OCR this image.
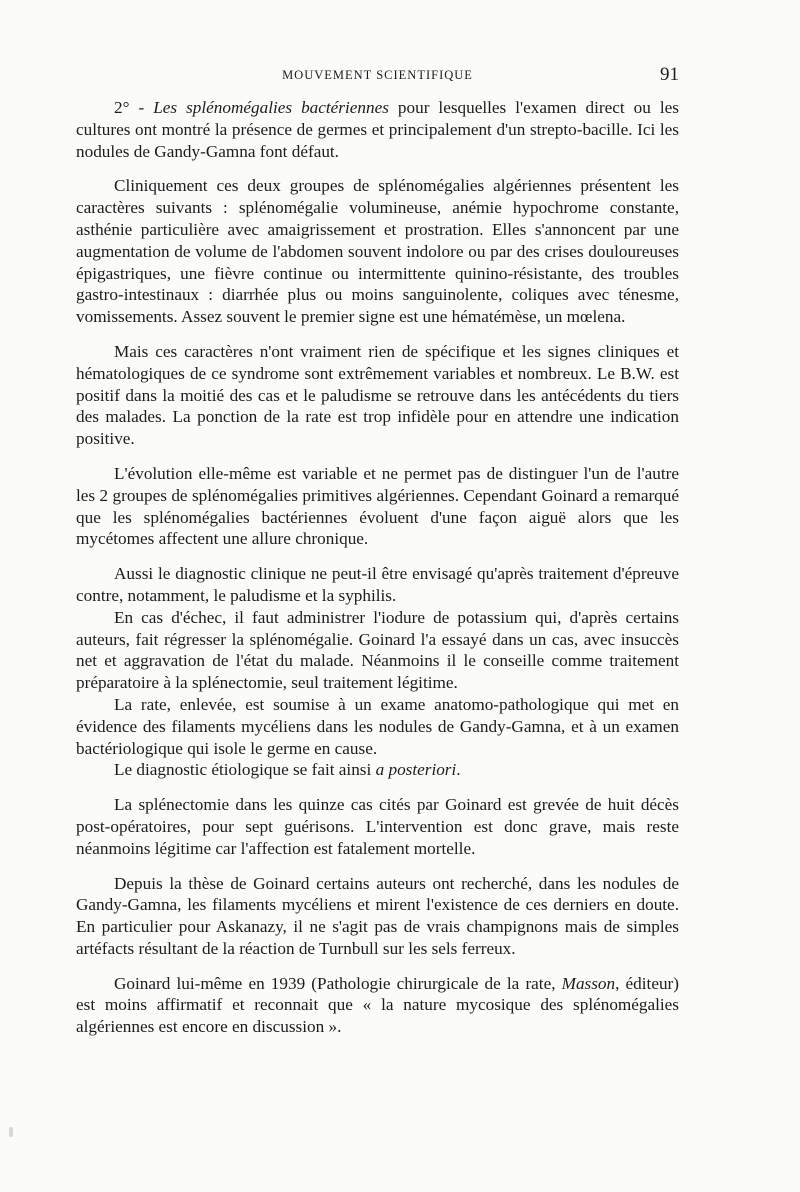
MOUVEMENT SCIENTIFIQUE	91

2° - Les splénomégalies bactériennes pour lesquelles l'examen direct ou les cultures ont montré la présence de germes et principalement d'un strepto-bacille. Ici les nodules de Gandy-Gamna font défaut.

Cliniquement ces deux groupes de splénomégalies algériennes présentent les caractères suivants : splénomégalie volumineuse, anémie hypochrome constante, asthénie particulière avec amaigrissement et prostration. Elles s'annoncent par une augmentation de volume de l'abdomen souvent indolore ou par des crises douloureuses épigastriques, une fièvre continue ou intermittente quinino-résistante, des troubles gastro-intestinaux : diarrhée plus ou moins sanguinolente, coliques avec ténesme, vomissements. Assez souvent le premier signe est une hématémèse, un mœlena.

Mais ces caractères n'ont vraiment rien de spécifique et les signes cliniques et hématologiques de ce syndrome sont extrêmement variables et nombreux. Le B.W. est positif dans la moitié des cas et le paludisme se retrouve dans les antécédents du tiers des malades. La ponction de la rate est trop infidèle pour en attendre une indication positive.

L'évolution elle-même est variable et ne permet pas de distinguer l'un de l'autre les 2 groupes de splénomégalies primitives algériennes. Cependant Goinard a remarqué que les splénomégalies bactériennes évoluent d'une façon aiguë alors que les mycétomes affectent une allure chronique.

Aussi le diagnostic clinique ne peut-il être envisagé qu'après traitement d'épreuve contre, notamment, le paludisme et la syphilis.

En cas d'échec, il faut administrer l'iodure de potassium qui, d'après certains auteurs, fait régresser la splénomégalie. Goinard l'a essayé dans un cas, avec insuccès net et aggravation de l'état du malade. Néanmoins il le conseille comme traitement préparatoire à la splénectomie, seul traitement légitime.

La rate, enlevée, est soumise à un exame anatomo-pathologique qui met en évidence des filaments mycéliens dans les nodules de Gandy-Gamna, et à un examen bactériologique qui isole le germe en cause.

Le diagnostic étiologique se fait ainsi a posteriori.

La splénectomie dans les quinze cas cités par Goinard est grevée de huit décès post-opératoires, pour sept guérisons. L'intervention est donc grave, mais reste néanmoins légitime car l'affection est fatalement mortelle.

Depuis la thèse de Goinard certains auteurs ont recherché, dans les nodules de Gandy-Gamna, les filaments mycéliens et mirent l'existence de ces derniers en doute. En particulier pour Askanazy, il ne s'agit pas de vrais champignons mais de simples artéfacts résultant de la réaction de Turnbull sur les sels ferreux.

Goinard lui-même en 1939 (Pathologie chirurgicale de la rate, Masson, éditeur) est moins affirmatif et reconnait que « la nature mycosique des splénomégalies algériennes est encore en discussion ».
